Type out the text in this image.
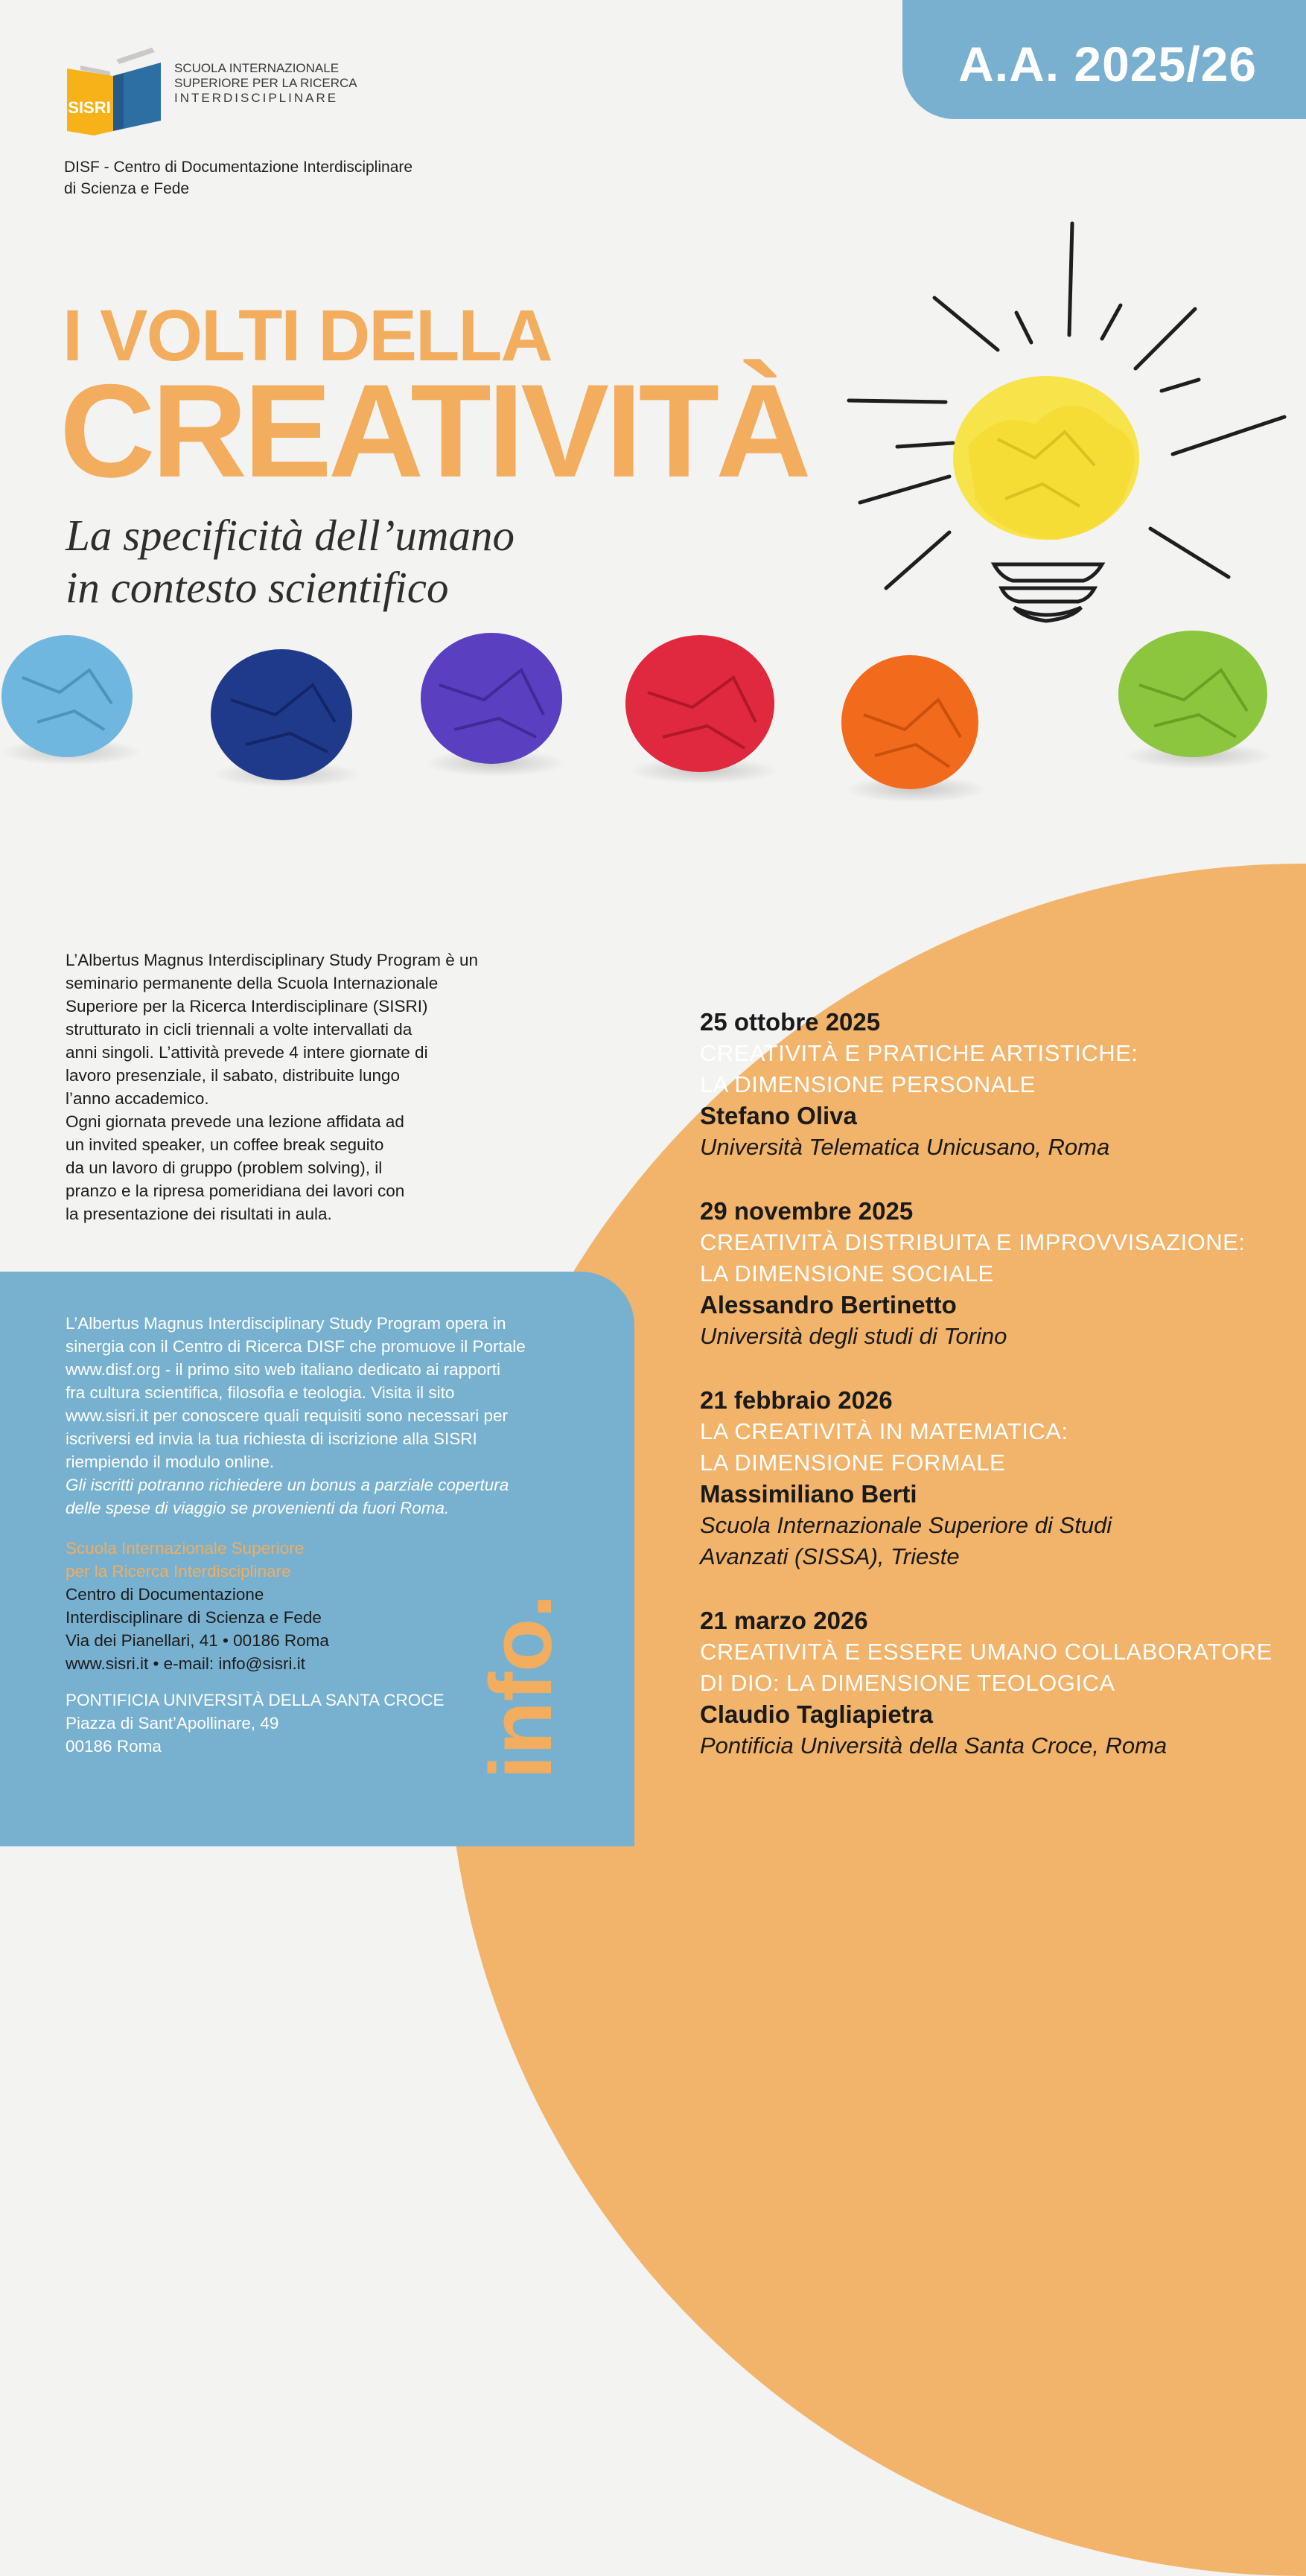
A.A. 2025/26
SISRI
SCUOLA INTERNAZIONALE
SUPERIORE PER LA RICERCA
INTERDISCIPLINARE
DISF - Centro di Documentazione Interdisciplinare
di Scienza e Fede
I VOLTI DELLA
CREATIVITÀ
La specificità dell’umano
in contesto scientifico
L’Albertus Magnus Interdisciplinary Study Program è un
seminario permanente della Scuola Internazionale
Superiore per la Ricerca Interdisciplinare (SISRI)
strutturato in cicli triennali a volte intervallati da
anni singoli. L’attività prevede 4 intere giornate di
lavoro presenziale, il sabato, distribuite lungo
l’anno accademico.
Ogni giornata prevede una lezione affidata ad
un invited speaker, un coffee break seguito
da un lavoro di gruppo (problem solving), il
pranzo e la ripresa pomeridiana dei lavori con
la presentazione dei risultati in aula.
L’Albertus Magnus Interdisciplinary Study Program opera in
sinergia con il Centro di Ricerca DISF che promuove il Portale
www.disf.org - il primo sito web italiano dedicato ai rapporti
fra cultura scientifica, filosofia e teologia. Visita il sito
www.sisri.it per conoscere quali requisiti sono necessari per
iscriversi ed invia la tua richiesta di iscrizione alla SISRI
riempiendo il modulo online.
Gli iscritti potranno richiedere un bonus a parziale copertura
delle spese di viaggio se provenienti da fuori Roma.
Scuola Internazionale Superiore
per la Ricerca Interdisciplinare
Centro di Documentazione
Interdisciplinare di Scienza e Fede
Via dei Pianellari, 41 • 00186 Roma
www.sisri.it • e-mail: info@sisri.it
PONTIFICIA UNIVERSITÀ DELLA SANTA CROCE
Piazza di Sant’Apollinare, 49
00186 Roma	info.
25 ottobre 2025
CREATIVITÀ E PRATICHE ARTISTICHE:
LA DIMENSIONE PERSONALE
Stefano Oliva
Università Telematica Unicusano, Roma
29 novembre 2025
CREATIVITÀ DISTRIBUITA E IMPROVVISAZIONE:
LA DIMENSIONE SOCIALE
Alessandro Bertinetto
Università degli studi di Torino
21 febbraio 2026
LA CREATIVITÀ IN MATEMATICA:
LA DIMENSIONE FORMALE
Massimiliano Berti
Scuola Internazionale Superiore di Studi
Avanzati (SISSA), Trieste
21 marzo 2026
CREATIVITÀ E ESSERE UMANO COLLABORATORE
DI DIO: LA DIMENSIONE TEOLOGICA
Claudio Tagliapietra
Pontificia Università della Santa Croce, Roma
